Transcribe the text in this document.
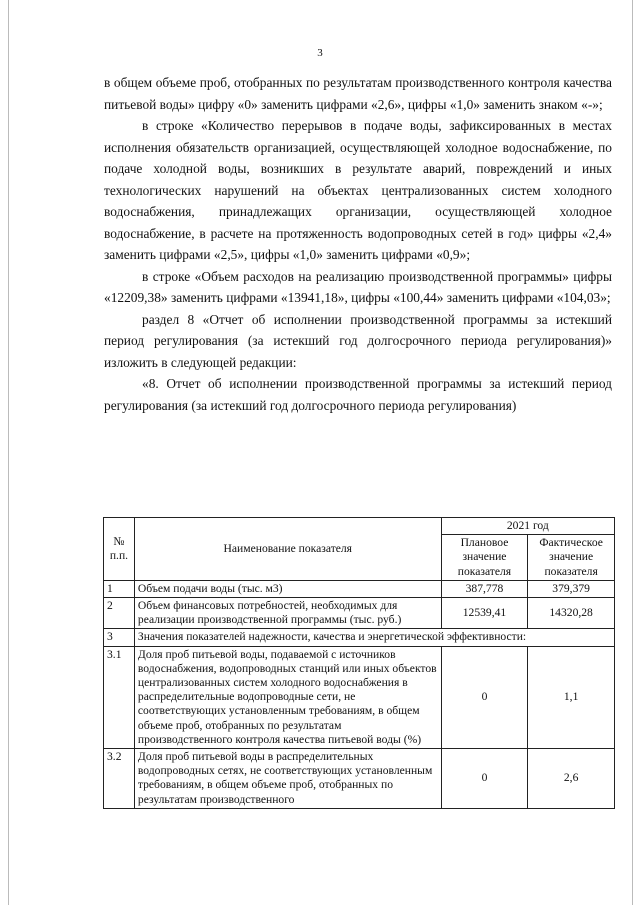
3

в общем объеме проб, отобранных по результатам производственного контроля качества питьевой воды» цифру «0» заменить цифрами «2,6», цифры «1,0» заменить знаком «-»;

в строке «Количество перерывов в подаче воды, зафиксированных в местах исполнения обязательств организацией, осуществляющей холодное водоснабжение, по подаче холодной воды, возникших в результате аварий, повреждений и иных технологических нарушений на объектах централизованных систем холодного водоснабжения, принадлежащих организации, осуществляющей холодное водоснабжение, в расчете на протяженность водопроводных сетей в год» цифры «2,4» заменить цифрами «2,5», цифры «1,0» заменить цифрами «0,9»;

в строке «Объем расходов на реализацию производственной программы» цифры «12209,38» заменить цифрами «13941,18», цифры «100,44» заменить цифрами «104,03»;

раздел 8 «Отчет об исполнении производственной программы за истекший период регулирования (за истекший год долгосрочного периода регулирования)» изложить в следующей редакции:

«8. Отчет об исполнении производственной программы за истекший период регулирования (за истекший год долгосрочного периода регулирования)

№ п.п.	Наименование показателя	2021 год	
		Плановое значение показателя	Фактическое значение показателя
1	Объем подачи воды (тыс. м3)	387,778	379,379
2	Объем финансовых потребностей, необходимых для реализации производственной программы (тыс. руб.)	12539,41	14320,28
3	Значения показателей надежности, качества и энергетической эффективности:		
3.1	Доля проб питьевой воды, подаваемой с источников водоснабжения, водопроводных станций или иных объектов централизованных систем холодного водоснабжения в распределительные водопроводные сети, не соответствующих установленным требованиям, в общем объеме проб, отобранных по результатам производственного контроля качества питьевой воды (%)	0	1,1
3.2	Доля проб питьевой воды в распределительных водопроводных сетях, не соответствующих установленным требованиям, в общем объеме проб, отобранных по результатам производственного	0	2,6
